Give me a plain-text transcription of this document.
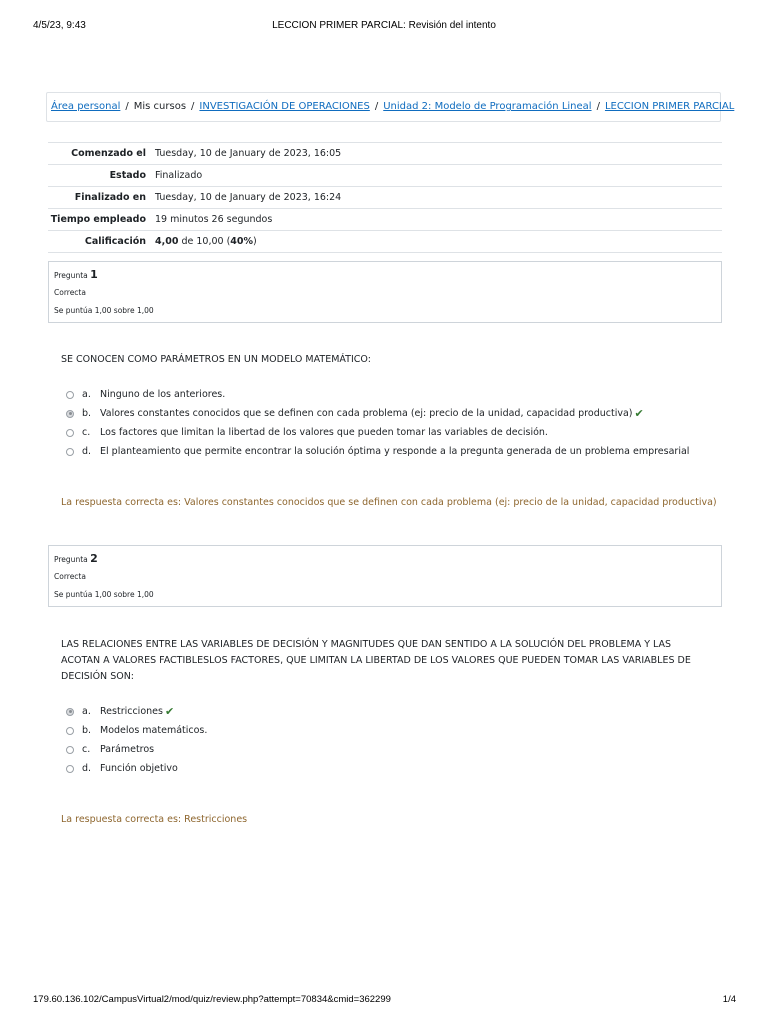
4/5/23, 9:43	LECCION PRIMER PARCIAL: Revisión del intento
Área personal / Mis cursos / INVESTIGACIÓN DE OPERACIONES / Unidad 2: Modelo de Programación Lineal / LECCION PRIMER PARCIAL
Comenzado el	Tuesday, 10 de January de 2023, 16:05
Estado	Finalizado
Finalizado en	Tuesday, 10 de January de 2023, 16:24
Tiempo empleado	19 minutos 26 segundos
Calificación	4,00 de 10,00 (40%)
Pregunta 1
Correcta
Se puntúa 1,00 sobre 1,00
SE CONOCEN COMO PARÁMETROS EN UN MODELO MATEMÁTICO:
a. Ninguno de los anteriores.
b. Valores constantes conocidos que se definen con cada problema (ej: precio de la unidad, capacidad productiva) ✔
c.	Los factores que limitan la libertad de los valores que pueden tomar las variables de decisión.
d. El planteamiento que permite encontrar la solución óptima y responde a la pregunta generada de un problema empresarial
La respuesta correcta es: Valores constantes conocidos que se definen con cada problema (ej: precio de la unidad, capacidad productiva)
Pregunta 2
Correcta
Se puntúa 1,00 sobre 1,00
LAS RELACIONES ENTRE LAS VARIABLES DE DECISIÓN Y MAGNITUDES QUE DAN SENTIDO A LA SOLUCIÓN DEL PROBLEMA Y LAS ACOTAN A VALORES FACTIBLESLOS FACTORES, QUE LIMITAN LA LIBERTAD DE LOS VALORES QUE PUEDEN TOMAR LAS VARIABLES DE DECISIÓN SON:
a. Restricciones ✔
b. Modelos matemáticos.
c.	Parámetros
d. Función objetivo
La respuesta correcta es: Restricciones
179.60.136.102/CampusVirtual2/mod/quiz/review.php?attempt=70834&cmid=362299	1/4
